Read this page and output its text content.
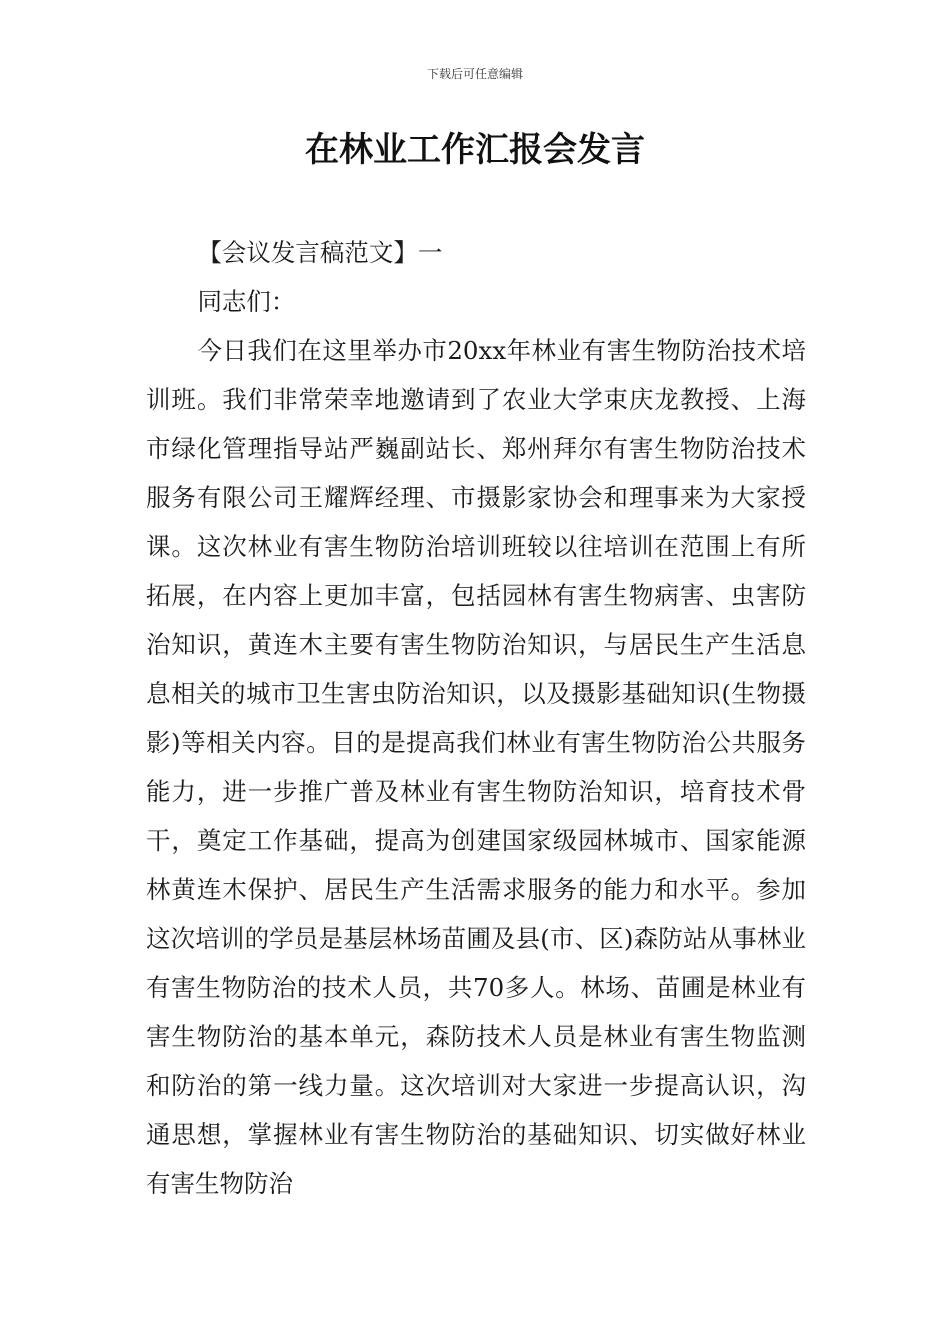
下载后可任意编辑
在林业工作汇报会发言

【会议发言稿范文】一

同志们：

今日我们在这里举办市20xx年林业有害生物防治技术培训班。我们非常荣幸地邀请到了农业大学束庆龙教授、上海市绿化管理指导站严巍副站长、郑州拜尔有害生物防治技术服务有限公司王耀辉经理、市摄影家协会和理事来为大家授课。这次林业有害生物防治培训班较以往培训在范围上有所拓展，在内容上更加丰富，包括园林有害生物病害、虫害防治知识，黄连木主要有害生物防治知识，与居民生产生活息息相关的城市卫生害虫防治知识，以及摄影基础知识(生物摄影)等相关内容。目的是提高我们林业有害生物防治公共服务能力，进一步推广普及林业有害生物防治知识，培育技术骨干，奠定工作基础，提高为创建国家级园林城市、国家能源林黄连木保护、居民生产生活需求服务的能力和水平。参加这次培训的学员是基层林场苗圃及县(市、区)森防站从事林业有害生物防治的技术人员，共70多人。林场、苗圃是林业有害生物防治的基本单元，森防技术人员是林业有害生物监测和防治的第一线力量。这次培训对大家进一步提高认识，沟通思想，掌握林业有害生物防治的基础知识、切实做好林业有害生物防治
